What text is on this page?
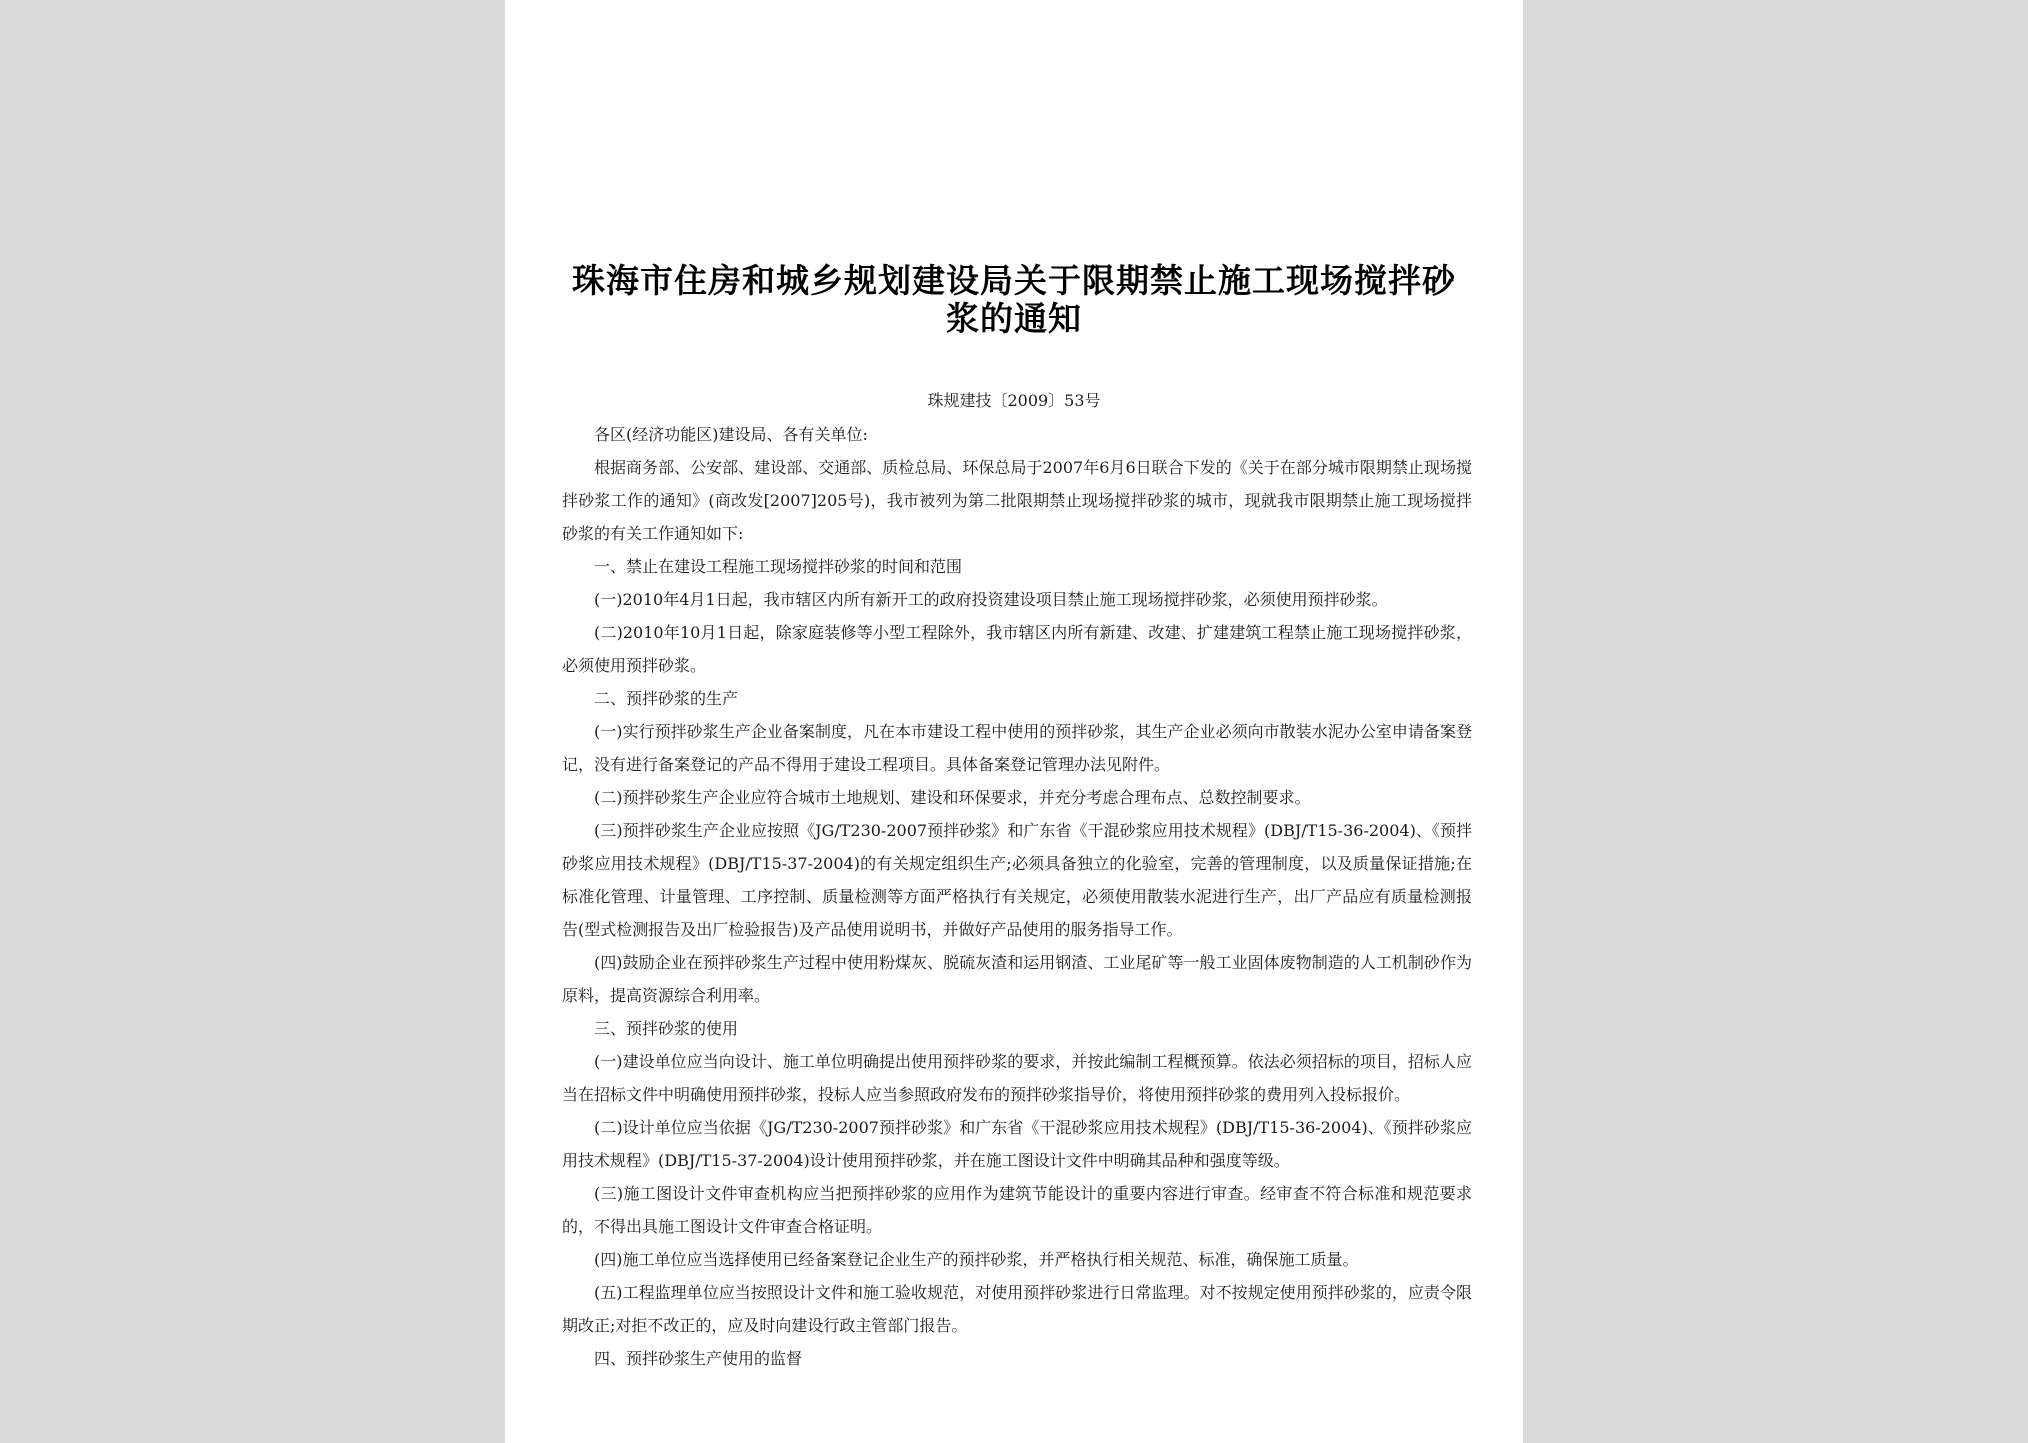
珠海市住房和城乡规划建设局关于限期禁止施工现场搅拌砂浆的通知
珠规建技〔2009〕53号

各区(经济功能区)建设局、各有关单位:

根据商务部、公安部、建设部、交通部、质检总局、环保总局于2007年6月6日联合下发的《关于在部分城市限期禁止现场搅拌砂浆工作的通知》(商改发[2007]205号)，我市被列为第二批限期禁止现场搅拌砂浆的城市，现就我市限期禁止施工现场搅拌砂浆的有关工作通知如下:

一、禁止在建设工程施工现场搅拌砂浆的时间和范围

(一)2010年4月1日起，我市辖区内所有新开工的政府投资建设项目禁止施工现场搅拌砂浆，必须使用预拌砂浆。

(二)2010年10月1日起，除家庭装修等小型工程除外，我市辖区内所有新建、改建、扩建建筑工程禁止施工现场搅拌砂浆，必须使用预拌砂浆。

二、预拌砂浆的生产

(一)实行预拌砂浆生产企业备案制度，凡在本市建设工程中使用的预拌砂浆，其生产企业必须向市散装水泥办公室申请备案登记，没有进行备案登记的产品不得用于建设工程项目。具体备案登记管理办法见附件。

(二)预拌砂浆生产企业应符合城市土地规划、建设和环保要求，并充分考虑合理布点、总数控制要求。

(三)预拌砂浆生产企业应按照《JG/T230-2007预拌砂浆》和广东省《干混砂浆应用技术规程》(DBJ/T15-36-2004)、《预拌砂浆应用技术规程》(DBJ/T15-37-2004)的有关规定组织生产;必须具备独立的化验室，完善的管理制度，以及质量保证措施;在标准化管理、计量管理、工序控制、质量检测等方面严格执行有关规定，必须使用散装水泥进行生产，出厂产品应有质量检测报告(型式检测报告及出厂检验报告)及产品使用说明书，并做好产品使用的服务指导工作。

(四)鼓励企业在预拌砂浆生产过程中使用粉煤灰、脱硫灰渣和运用钢渣、工业尾矿等一般工业固体废物制造的人工机制砂作为原料，提高资源综合利用率。

三、预拌砂浆的使用

(一)建设单位应当向设计、施工单位明确提出使用预拌砂浆的要求，并按此编制工程概预算。依法必须招标的项目，招标人应当在招标文件中明确使用预拌砂浆，投标人应当参照政府发布的预拌砂浆指导价，将使用预拌砂浆的费用列入投标报价。

(二)设计单位应当依据《JG/T230-2007预拌砂浆》和广东省《干混砂浆应用技术规程》(DBJ/T15-36-2004)、《预拌砂浆应用技术规程》(DBJ/T15-37-2004)设计使用预拌砂浆，并在施工图设计文件中明确其品种和强度等级。

(三)施工图设计文件审查机构应当把预拌砂浆的应用作为建筑节能设计的重要内容进行审查。经审查不符合标准和规范要求的，不得出具施工图设计文件审查合格证明。

(四)施工单位应当选择使用已经备案登记企业生产的预拌砂浆，并严格执行相关规范、标准，确保施工质量。

(五)工程监理单位应当按照设计文件和施工验收规范，对使用预拌砂浆进行日常监理。对不按规定使用预拌砂浆的，应责令限期改正;对拒不改正的，应及时向建设行政主管部门报告。

四、预拌砂浆生产使用的监督
